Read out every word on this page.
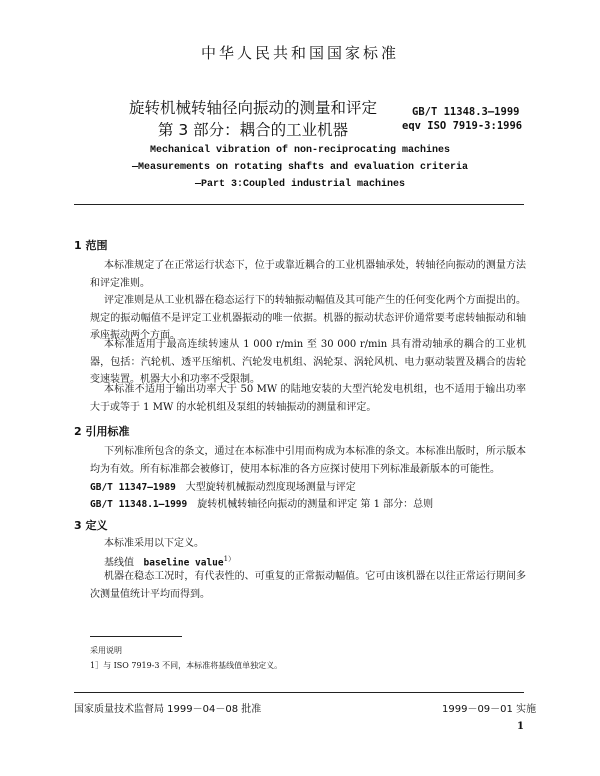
中华人民共和国国家标准
旋转机械转轴径向振动的测量和评定
第 3 部分：耦合的工业机器
GB/T 11348.3—1999
eqv ISO 7919-3:1996
Mechanical vibration of non-reciprocating machines
—Measurements on rotating shafts and evaluation criteria
—Part 3:Coupled industrial machines
1 范围
本标准规定了在正常运行状态下，位于或靠近耦合的工业机器轴承处，转轴径向振动的测量方法和评定准则。
评定准则是从工业机器在稳态运行下的转轴振动幅值及其可能产生的任何变化两个方面提出的。规定的振动幅值不是评定工业机器振动的唯一依据。机器的振动状态评价通常要考虑转轴振动和轴承座振动两个方面。
本标准适用于最高连续转速从 1 000 r/min 至 30 000 r/min 具有滑动轴承的耦合的工业机器，包括：汽轮机、透平压缩机、汽轮发电机组、涡轮泵、涡轮风机、电力驱动装置及耦合的齿轮变速装置。机器大小和功率不受限制。
本标准不适用于输出功率大于 50 MW 的陆地安装的大型汽轮发电机组，也不适用于输出功率大于或等于 1 MW 的水轮机组及泵组的转轴振动的测量和评定。
2 引用标准
下列标准所包含的条文，通过在本标准中引用而构成为本标准的条文。本标准出版时，所示版本均为有效。所有标准都会被修订，使用本标准的各方应探讨使用下列标准最新版本的可能性。
GB/T 11347—1989 大型旋转机械振动烈度现场测量与评定
GB/T 11348.1—1999 旋转机械转轴径向振动的测量和评定 第 1 部分：总则
3 定义
本标准采用以下定义。
基线值 baseline value$^{1)}$
机器在稳态工况时，有代表性的、可重复的正常振动幅值。它可由该机器在以往正常运行期间多次测量值统计平均而得到。
采用说明
1］与 ISO 7919-3 不同，本标准将基线值单独定义。
国家质量技术监督局 1999－04－08 批准	1999－09－01 实施
1
